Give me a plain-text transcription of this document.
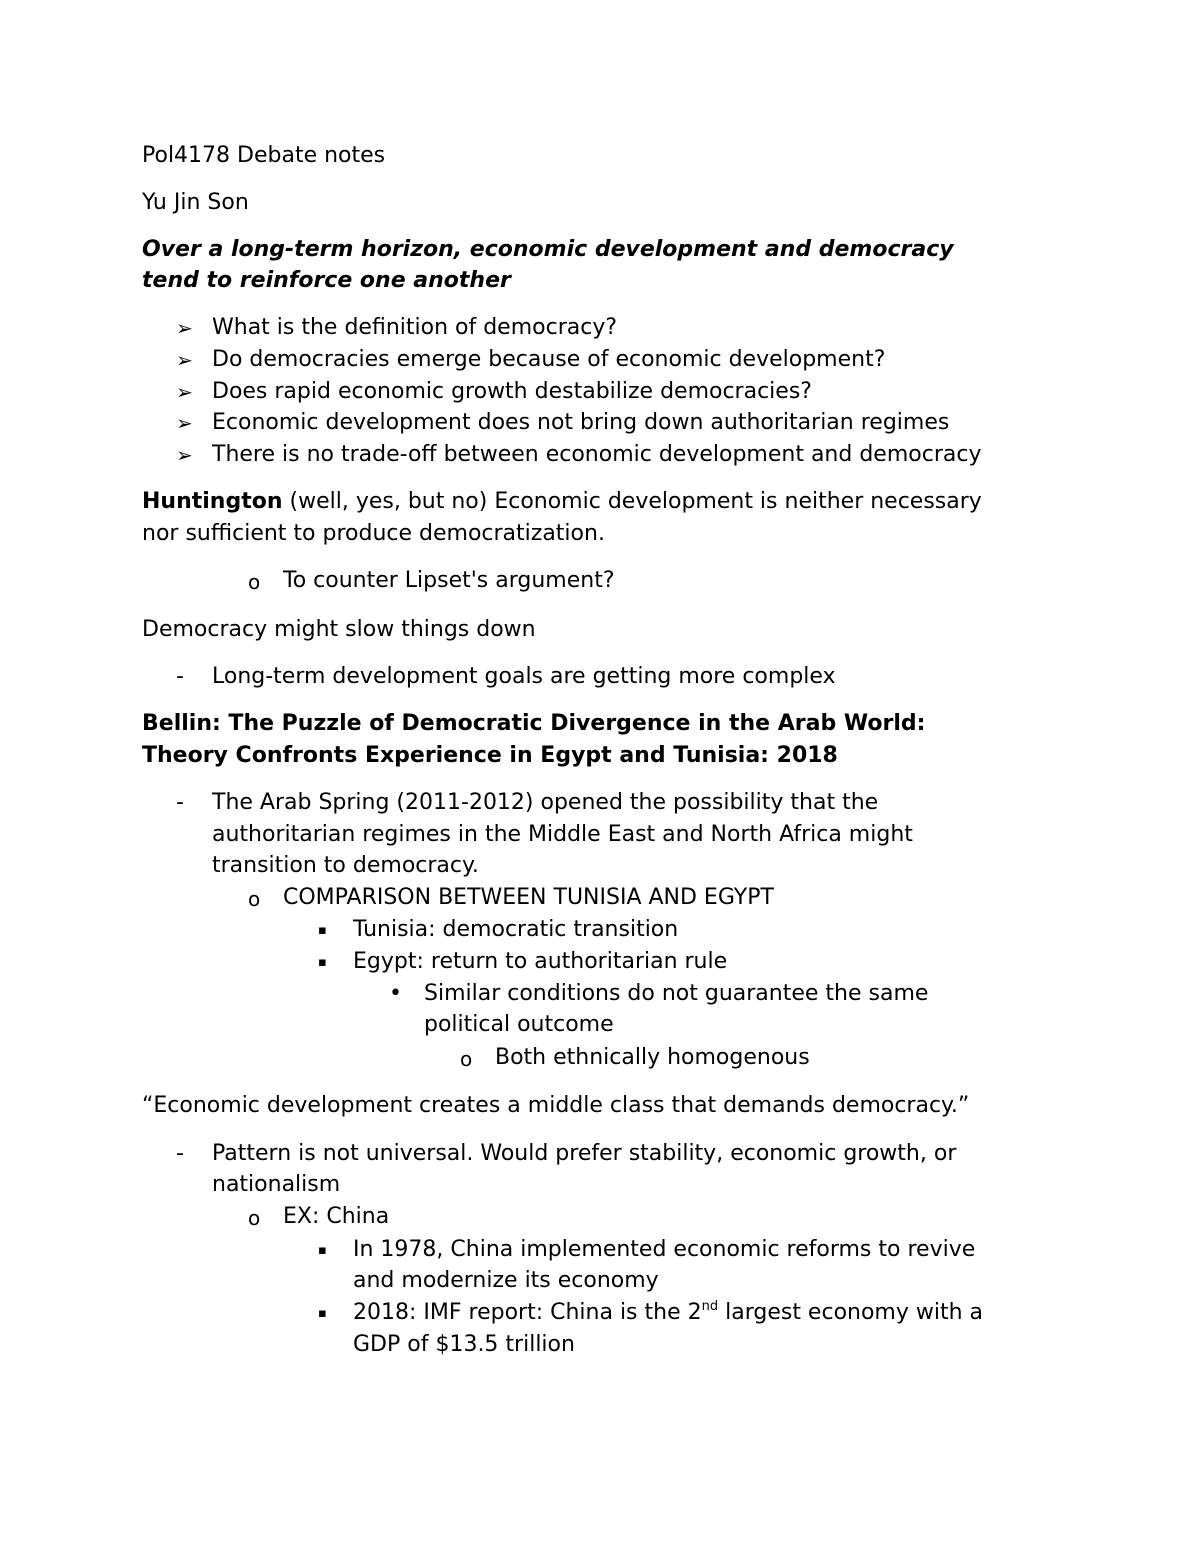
Pol4178 Debate notes
Yu Jin Son
Over a long-term horizon, economic development and democracy
tend to reinforce one another
➢ What is the definition of democracy?
➢ Do democracies emerge because of economic development?
➢ Does rapid economic growth destabilize democracies?
➢ Economic development does not bring down authoritarian regimes
➢ There is no trade-off between economic development and democracy
Huntington (well, yes, but no) Economic development is neither necessary
nor sufficient to produce democratization.
o To counter Lipset's argument?
Democracy might slow things down
- Long-term development goals are getting more complex
Bellin: The Puzzle of Democratic Divergence in the Arab World:
Theory Confronts Experience in Egypt and Tunisia: 2018
- The Arab Spring (2011-2012) opened the possibility that the
authoritarian regimes in the Middle East and North Africa might
transition to democracy.
o COMPARISON BETWEEN TUNISIA AND EGYPT
▪ Tunisia: democratic transition
▪ Egypt: return to authoritarian rule
• Similar conditions do not guarantee the same
political outcome
o Both ethnically homogenous
“Economic development creates a middle class that demands democracy.”
- Pattern is not universal. Would prefer stability, economic growth, or
nationalism
o EX: China
▪ In 1978, China implemented economic reforms to revive
and modernize its economy
▪ 2018: IMF report: China is the 2nd largest economy with a
GDP of $13.5 trillion
